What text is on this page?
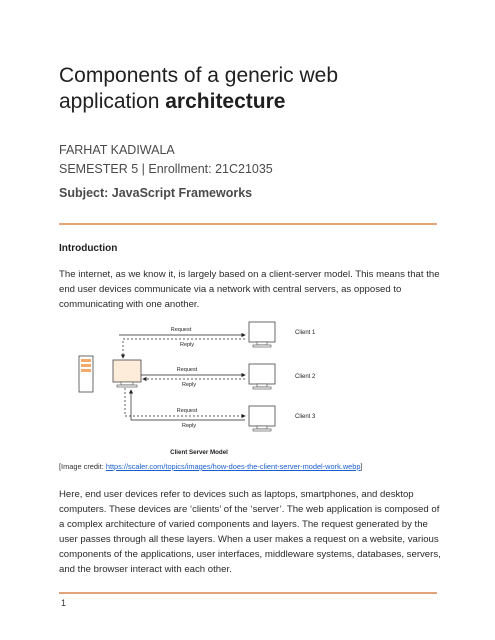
Components of a generic web
application architecture
FARHAT KADIWALA
SEMESTER 5 | Enrollment: 21C21035
Subject: JavaScript Frameworks
Introduction
The internet, as we know it, is largely based on a client-server model. This means that the end user devices communicate via a network with central servers, as opposed to communicating with one another.
Request
Reply
Request
Reply
Request
Reply
Client 1
Client 2
Client 3
Client Server Model
[Image credit: https://scaler.com/topics/images/how-does-the-client-server-model-work.webp]
Here, end user devices refer to devices such as laptops, smartphones, and desktop computers. These devices are ‘clients’ of the ‘server’. The web application is composed of a complex architecture of varied components and layers. The request generated by the user passes through all these layers. When a user makes a request on a website, various components of the applications, user interfaces, middleware systems, databases, servers, and the browser interact with each other.
1
